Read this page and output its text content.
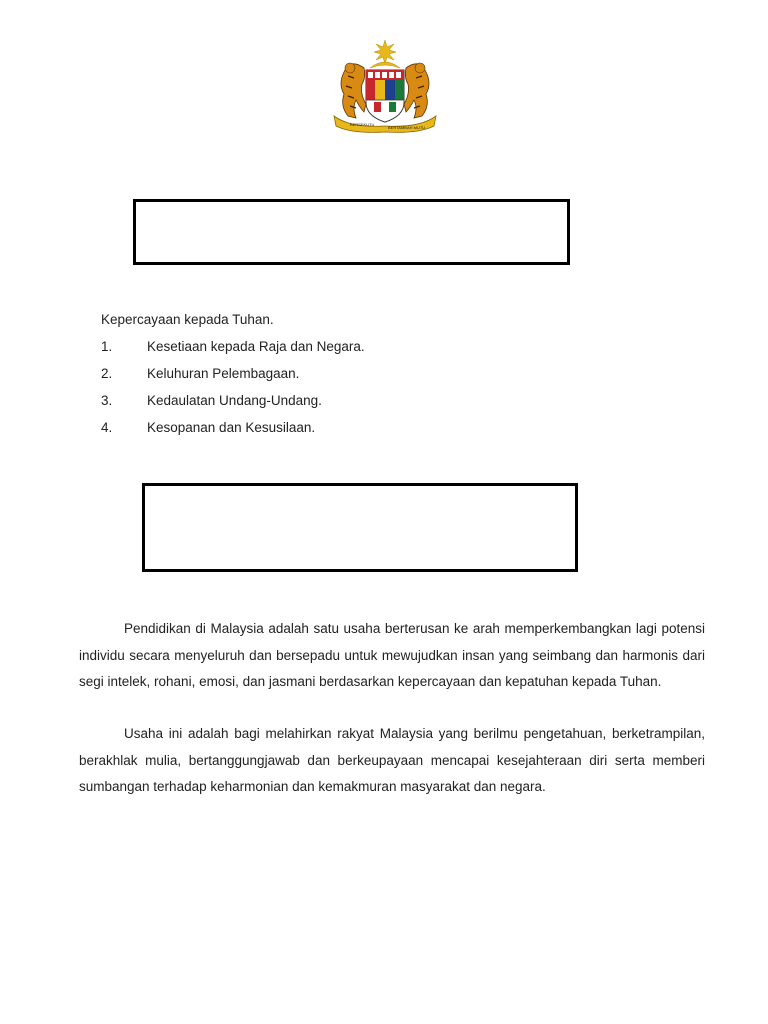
BERSEKUTU
BERTAMBAH MUTU

Kepercayaan kepada Tuhan.

1.	Kesetiaan kepada Raja dan Negara.
2.	Keluhuran Pelembagaan.
3.	Kedaulatan Undang-Undang.
4.	Kesopanan dan Kesusilaan.

Pendidikan di Malaysia adalah satu usaha berterusan ke arah memperkembangkan lagi potensi individu secara menyeluruh dan bersepadu untuk mewujudkan insan yang seimbang dan harmonis dari segi intelek, rohani, emosi, dan jasmani berdasarkan kepercayaan dan kepatuhan kepada Tuhan.

Usaha ini adalah bagi melahirkan rakyat Malaysia yang berilmu pengetahuan, berketrampilan, berakhlak mulia, bertanggungjawab dan berkeupayaan mencapai kesejahteraan diri serta memberi sumbangan terhadap keharmonian dan kemakmuran masyarakat dan negara.
